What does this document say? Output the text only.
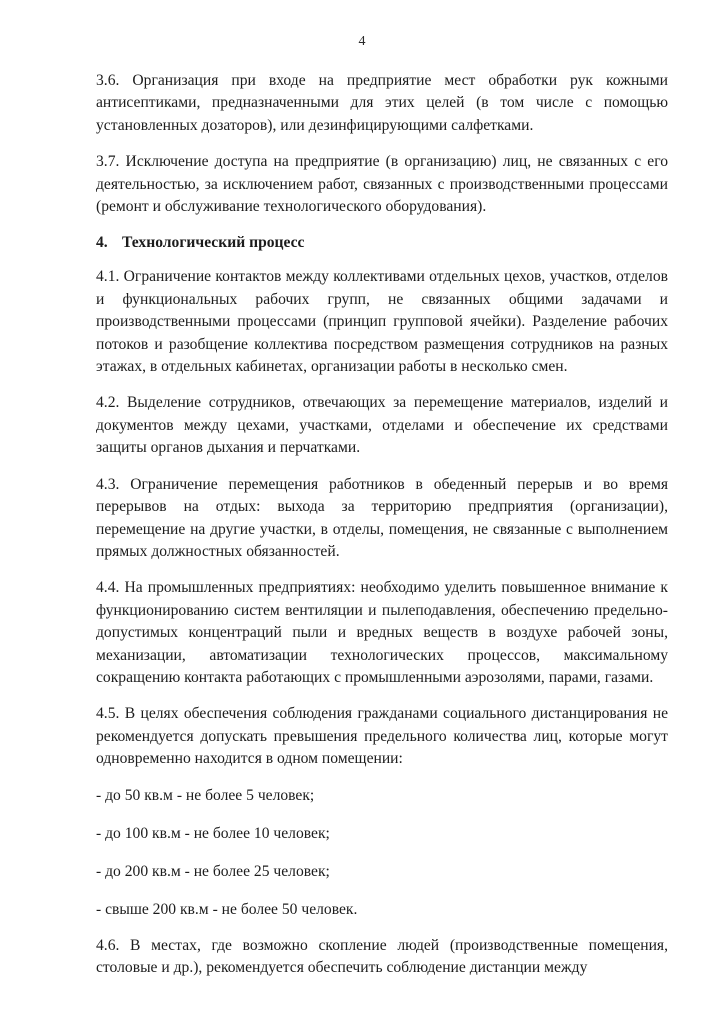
4

3.6. Организация при входе на предприятие мест обработки рук кожными антисептиками, предназначенными для этих целей (в том числе с помощью установленных дозаторов), или дезинфицирующими салфетками.

3.7. Исключение доступа на предприятие (в организацию) лиц, не связанных с его деятельностью, за исключением работ, связанных с производственными процессами (ремонт и обслуживание технологического оборудования).

4. Технологический процесс

4.1. Ограничение контактов между коллективами отдельных цехов, участков, отделов и функциональных рабочих групп, не связанных общими задачами и производственными процессами (принцип групповой ячейки). Разделение рабочих потоков и разобщение коллектива посредством размещения сотрудников на разных этажах, в отдельных кабинетах, организации работы в несколько смен.

4.2. Выделение сотрудников, отвечающих за перемещение материалов, изделий и документов между цехами, участками, отделами и обеспечение их средствами защиты органов дыхания и перчатками.

4.3. Ограничение перемещения работников в обеденный перерыв и во время перерывов на отдых: выхода за территорию предприятия (организации), перемещение на другие участки, в отделы, помещения, не связанные с выполнением прямых должностных обязанностей.

4.4. На промышленных предприятиях: необходимо уделить повышенное внимание к функционированию систем вентиляции и пылеподавления, обеспечению предельно-допустимых концентраций пыли и вредных веществ в воздухе рабочей зоны, механизации, автоматизации технологических процессов, максимальному сокращению контакта работающих с промышленными аэрозолями, парами, газами.

4.5. В целях обеспечения соблюдения гражданами социального дистанцирования не рекомендуется допускать превышения предельного количества лиц, которые могут одновременно находится в одном помещении:

- до 50 кв.м - не более 5 человек;
- до 100 кв.м - не более 10 человек;
- до 200 кв.м - не более 25 человек;
- свыше 200 кв.м - не более 50 человек.

4.6. В местах, где возможно скопление людей (производственные помещения, столовые и др.), рекомендуется обеспечить соблюдение дистанции между
